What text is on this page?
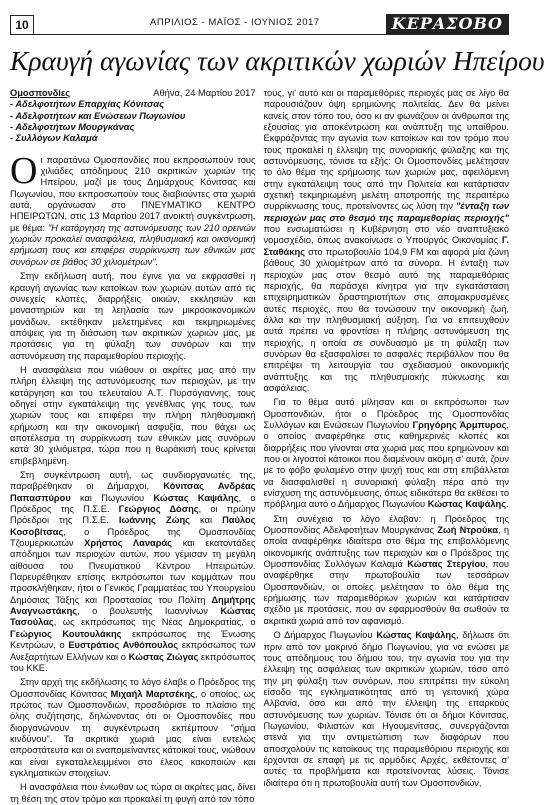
10	ΑΠΡΙΛΙΟΣ - ΜΑΪΟΣ - ΙΟΥΝΙΟΣ 2017	ΚΕΡΑΣΟΒΟ
Κραυγή αγωνίας των ακριτικών χωριών Ηπείρου
Ομοσπονδίες	Αθήνα, 24 Μαρτίου 2017
- Αδελφοτήτων Επαρχίας Κόνιτσας
- Αδελφοτήτων και Ενώσεων Πωγωνίου
- Αδελφοτήτων Μουργκάνας
- Συλλόγων Καλαμά

Οι παρατάνω Ομοσπονδίες που εκπροσωπούν τους χιλιάδες απόδημους 210 ακριτικών χωριών της Ηπείρου, μαζί με τους Δημάρχους Κόνιτσας και Πωγωνίου, που εκπροσωπούν τους διαβιούντες στα χωριά αυτά, οργάνωσαν στο ΠΝΕΥΜΑΤΙΚΟ ΚΕΝΤΡΟ ΗΠΕΙΡΩΤΩΝ, στις 13 Μαρτίου 2017 ανοικτή συγκέντρωση, με θέμα: "Η κατάργηση της αστυνόμευσης των 210 ορεινών χωριών προκαλεί ανασφάλεια, πληθυσμιακή και οικονομική ερήμωση τους και επιφέρει συρρίκνωση των εθνικών μας συνόρων σε βάθος 30 χιλιομέτρων".

Στην εκδήλωση αυτή, που έγινε για να εκφρασθεί η κραυγή αγωνίας των κατοίκων των χωριών αυτών από τις συνεχείς κλοπές, διαρρήξεις οικιών, εκκλησιών και μοναστηριών και τη λεηλασία των μικροοικονομικών μονάδων, εκτέθηκαν μελετημένες και τεκμηριωμένες απόψεις για τη διάσωση των ακριτικών χωριών μας, με προτάσεις για τη φύλαξη των συνόρων και την αστυνόμευση της παραμεθορίου περιοχής.

Η ανασφάλεια που νιώθουν οι ακρίτες μας από την πλήρη έλλειψη της αστυνόμευσης των περιοχών, με την κατάργηση και του τελευταίου Α.Τ. Πυρσόγιαννης, τους οδηγεί στην εγκατάλειψη της γενέθλιας γης τους, των χωριών τους και επιφέρει την πλήρη πληθυσμιακή ερήμωση και την οικονομική ασφυξία, που θάχει ως αποτέλεσμα τη συρρίκνωση των εθνικών μας συνόρων κατά 30 χιλιόμετρα, τώρα που η θωράκισή τους κρίνεται επιβεβλημένη.

Στη συγκέντρωση αυτή, ως συνδιοργανωτές της, παραβρέθηκαν οι Δήμαρχοι, Κόνιτσας Ανδρέας Παπασπύρου και Πωγωνίου Κώστας Καψάλης, ο Πρόεδρος της Π.Σ.Ε. Γεώργιος Δόσης, οι πρώην Πρόεδροι της Π.Σ.Ε. Ιωάννης Ζώης και Παύλος Κοσοβίτσας, ο Πρόεδρος της Ομοσπονδίας Τζουμερκιωτών Χρήστος Λαναράς και εκατοντάδες απόδημοι των περιοχών αυτών, που γέμισαν τη μεγάλη αίθουσα του Πνευματικού Κέντρου Ηπειρωτών. Παρευρέθηκαν επίσης εκπρόσωποι των κομμάτων που προσκλήθηκαν, ήτοι ο Γενικός Γραμματέας του Υπουργείου Δημόσιας Τάξης και Προστασίας του Πολίτη Δημήτρης Αναγνωστάκης, ο βουλευτής Ιωαννίνων Κώστας Τασούλας, ως εκπρόσωπος της Νέας Δημοκρατίας, ο Γεώργιος Κουτουλάκης εκπρόσωπος της Ένωσης Κεντρώων, ο Ευστράτιος Ανθόπουλος εκπρόσωπος των Ανεξαρτήτων Ελλήνων και ο Κώστας Ζιώγας εκπρόσωπος του ΚΚΕ.

Στην αρχή της εκδήλωσης το λόγο έλαβε ο Πρόεδρος της Ομοσπονδίας Κόνιτσας Μιχαήλ Μαρτσέκης, ο οποίος, ως πρώτος των Ομοσπονδιών, προσδιόρισε το πλαίσιο της όλης συζήτησης, δηλώνοντας ότι οι Ομοσπονδίες που διοργανώνουν τη συγκέντρωση εκπέμπουν "σήμα κινδύνου". Τα ακριτικά χωριά μας είναι εντελώς απροστάτευτα και οι εναπομείναντες κάτοικοί τους, νιώθουν και είναι εγκαταλελειμμένοι στο έλεος κακοποιών και εγκληματικών στοιχείων.

Η ανασφάλεια που ένιωθαν ως τώρα οι ακρίτες μας, δίνει τη θέση της στον τρόμο και προκαλεί τη φυγή από τον τόπο

τους, γι' αυτό και οι παραμεθόριες περιοχές μας σε λίγο θα παρουσιάζουν όψη ερημιώνης πολιτείας. Δεν θα μείνει κανείς στον τόπο του, όσο κι αν φωνάζουν οι άνθρωποι της εξουσίας για αποκέντρωση και ανάπτυξη της υπαίθρου. Εκφράζοντας την αγωνία των κατοίκων και τον τρόμο που τους προκαλεί η έλλειψη της συνοριακής φύλαξης και της αστυνόμευσης, τόνισε τα εξής: Οι Ομοσπονδίες μελέτησαν το όλο θέμα της ερήμωσης των χωριών μας, αφειλόμενη στην εγκατάλειψη τους από την Πολιτεία και κατάρτισαν σχετική τεκμηριωμένη μελέτη αποτροπής της περαιτέρω συρρίκνωσης τους, προτείνοντες ως λύση την "ένταξη των περιοχών μας στο θεσμό της παραμεθορίας περιοχής" που ενσωματώσει η Κυβέρνηση στο νέο αναπτυξιακό νομοσχέδιο, όπως ανακοίνωσε ο Υπουργός Οικονομίας Γ. Σταθάκης στο πρωτοβουλίο 104,9 FM και αφορά μία ζώνη βάθους 30 χιλιομέτρων από τα σύνορα. Η ένταξη των περιοχών μας στον θεσμό αυτό της παραμεθόριας περιοχής, θα παράσχει κίνητρα για την εγκατάσταση επιχειρηματικών δραστηριοτήτων στις απομακρυσμένες αυτές περιοχές, που θα τονώσουν την οικονομική ζωή, άλλα και την πληθυσμιακή αύξηση. Για να επιτευχθούν αυτά πρέπει να φροντίσει η πλήρης αστυνόμευση της περιοχής, η οποία σε συνδυασμό με τη φύλαξη των συνόρων θα εξασφαλίσει το ασφαλές περιβάλλον που θα επιτρέψει τη λειτουργία του σχεδιασμού οικονομικής ανάπτυξης και της πληθυσμιακής πύκνωσης και ασφάλειας.

Για το θέμα αυτό μίλησαν και οι εκπρόσωποι των Ομοσπονδιών, ήτοι ο Πρόεδρος της Ομοσπονδίας Συλλόγων και Ενώσεων Πωγωνίου Γρηγόρης Άρμπυρος, ο οποίος αναφέρθηκε στις καθημερινές κλοπές και διαρρήξεις που γίνονται στα χωριά μας που ερημώνουν και που οι λιγοστοί κάτοικοι που διαμένουν ακόμη σ' αυτά, ζουν με το φόβο φυλαμένο στην ψυχή τους και στη επιβάλλεται να διασφαλισθεί η συνοριακή φύλαξη πέρα από την ενίσχυση της αστυνόμευσης, όπως ειδικότερα θα εκθέσει το πρόβλημα αυτό ο Δήμαρχος Πωγωνίου Κώστας Καψάλης.

Στη συνέχεια το λόγο έλαβαν: η Πρόεδρος της Ομοσπονδίας Αδελφοτήτων Μουργκάνας Ζωή Ντρούκα, η οποία αναφέρθηκε ιδιαίτερα στο θέμα της επιβαλλόμενης οικονομικής ανάπτυξης των περιοχών και ο Πρόεδρος της Ομοσπονδίας Συλλόγων Καλαμά Κώστας Στεργίου, που αναφέρθηκε στην πρωτοβουλία των τεσσάρων Ομοσπονδιών, οι οποίες μελέτησαν το όλο θέμα της ερήμωσης των παραμεθόριων χωριών και κατάρτισαν σχέδιο με προτάσεις, που αν εφαρμοσθούν θα σωθούν τα ακριτικά χωριά από τον αφανισμό.

Ο Δήμαρχος Πωγωνίου Κώστας Καψάλης, δήλωσε ότι πριν από τον μακρινό δήμο Πωγωνίου, για να ενώσει με τους απόδημους του δήμου του, την αγωνία του για την έλλειψη της ασφάλειας των ακριτικών χωριών, τόσο από την μη φύλαξη των συνόρων, που επιτρέπει την εύκολη είσοδο της εγκληματικότητας από τη γειτονική χώρα Αλβανία, όσο και από την έλλειψη της επαρκούς αστυνόμευσης των χωριών. Τόνισε ότι οι δήμοι Κόνιτσας, Πωγωνίου, Φιλιατών και Ηγουμενίτσας, συνεργάζονται στενά για την αντιμετώπιση των διαφόρων που αποσχολούν τις κατοίκους της παραμεθόριου περιοχής και έρχονται σε επαφή με τις αρμόδιες Αρχές, εκθέτοντες σ' αυτές τα προβλήματα και προτείνοντας λύσεις. Τόνισε ιδιαίτερα ότι η πρωτοβουλία αυτή των Ομοσπονδιών,
